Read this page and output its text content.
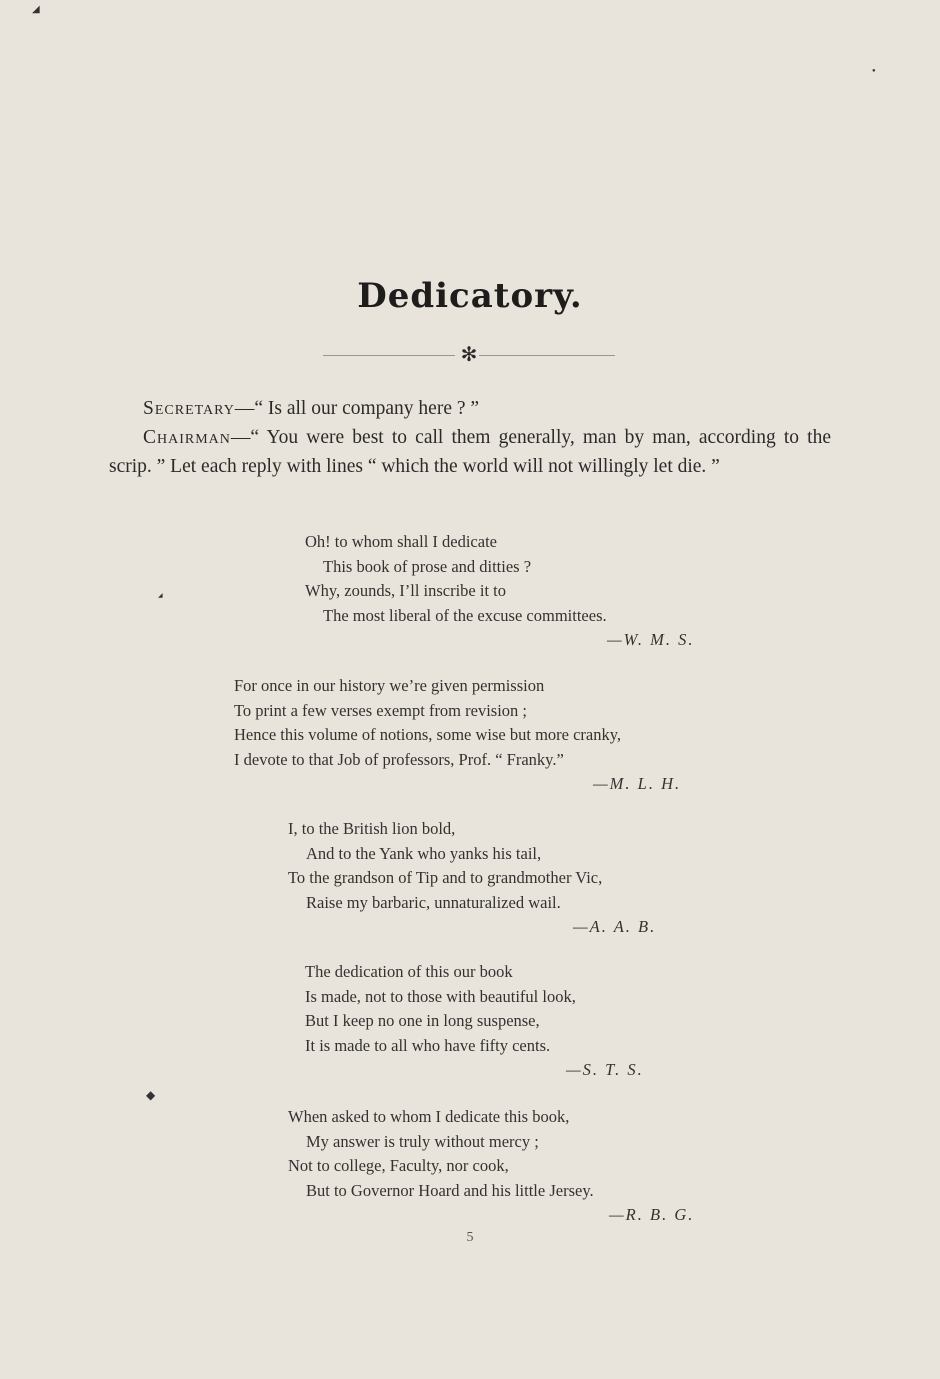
Dedicatory.
✻
Secretary—“ Is all our company here ? ”
Chairman—“ You were best to call them generally, man by man, according to the scrip. ” Let each reply with lines “ which the world will not willingly let die. ”
Oh! to whom shall I dedicate
This book of prose and ditties ?
Why, zounds, I’ll inscribe it to
The most liberal of the excuse committees.
—W. M. S.
For once in our history we’re given permission
To print a few verses exempt from revision ;
Hence this volume of notions, some wise but more cranky,
I devote to that Job of professors, Prof. “ Franky.”
—M. L. H.
I, to the British lion bold,
And to the Yank who yanks his tail,
To the grandson of Tip and to grandmother Vic,
Raise my barbaric, unnaturalized wail.
—A. A. B.
The dedication of this our book
Is made, not to those with beautiful look,
But I keep no one in long suspense,
It is made to all who have fifty cents.
—S. T. S.
When asked to whom I dedicate this book,
My answer is truly without mercy ;
Not to college, Faculty, nor cook,
But to Governor Hoard and his little Jersey.
—R. B. G.
5
◢
◆
◢
●
